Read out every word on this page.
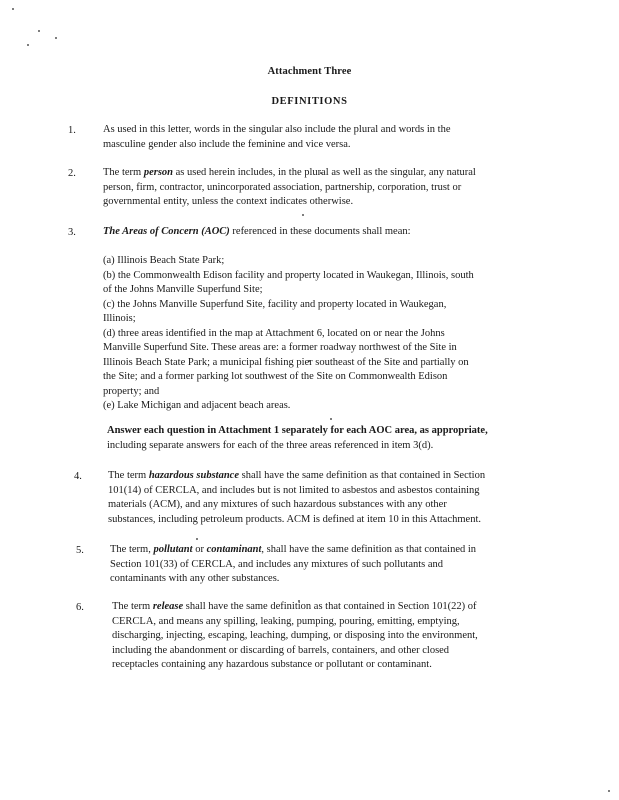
Attachment Three
DEFINITIONS
1.	As used in this letter, words in the singular also include the plural and words in the
masculine gender also include the feminine and vice versa.
2.	The term person as used herein includes, in the plural as well as the singular, any natural
person, firm, contractor, unincorporated association, partnership, corporation, trust or
governmental entity, unless the context indicates otherwise.
3.	The Areas of Concern (AOC) referenced in these documents shall mean:
(a) Illinois Beach State Park;
(b) the Commonwealth Edison facility and property located in Waukegan, Illinois, south
of the Johns Manville Superfund Site;
(c) the Johns Manville Superfund Site, facility and property located in Waukegan,
Illinois;
(d) three areas identified in the map at Attachment 6, located on or near the Johns
Manville Superfund Site. These areas are: a former roadway northwest of the Site in
Illinois Beach State Park; a municipal fishing pier southeast of the Site and partially on
the Site; and a former parking lot southwest of the Site on Commonwealth Edison
property; and
(e) Lake Michigan and adjacent beach areas.
Answer each question in Attachment 1 separately for each AOC area, as appropriate,
including separate answers for each of the three areas referenced in item 3(d).
4. The term hazardous substance shall have the same definition as that contained in Section
101(14) of CERCLA, and includes but is not limited to asbestos and asbestos containing
materials (ACM), and any mixtures of such hazardous substances with any other
substances, including petroleum products. ACM is defined at item 10 in this Attachment.
5. The term, pollutant or contaminant, shall have the same definition as that contained in
Section 101(33) of CERCLA, and includes any mixtures of such pollutants and
contaminants with any other substances.
6.	The term release shall have the same definition as that contained in Section 101(22) of
CERCLA, and means any spilling, leaking, pumping, pouring, emitting, emptying,
discharging, injecting, escaping, leaching, dumping, or disposing into the environment,
including the abandonment or discarding of barrels, containers, and other closed
receptacles containing any hazardous substance or pollutant or contaminant.
